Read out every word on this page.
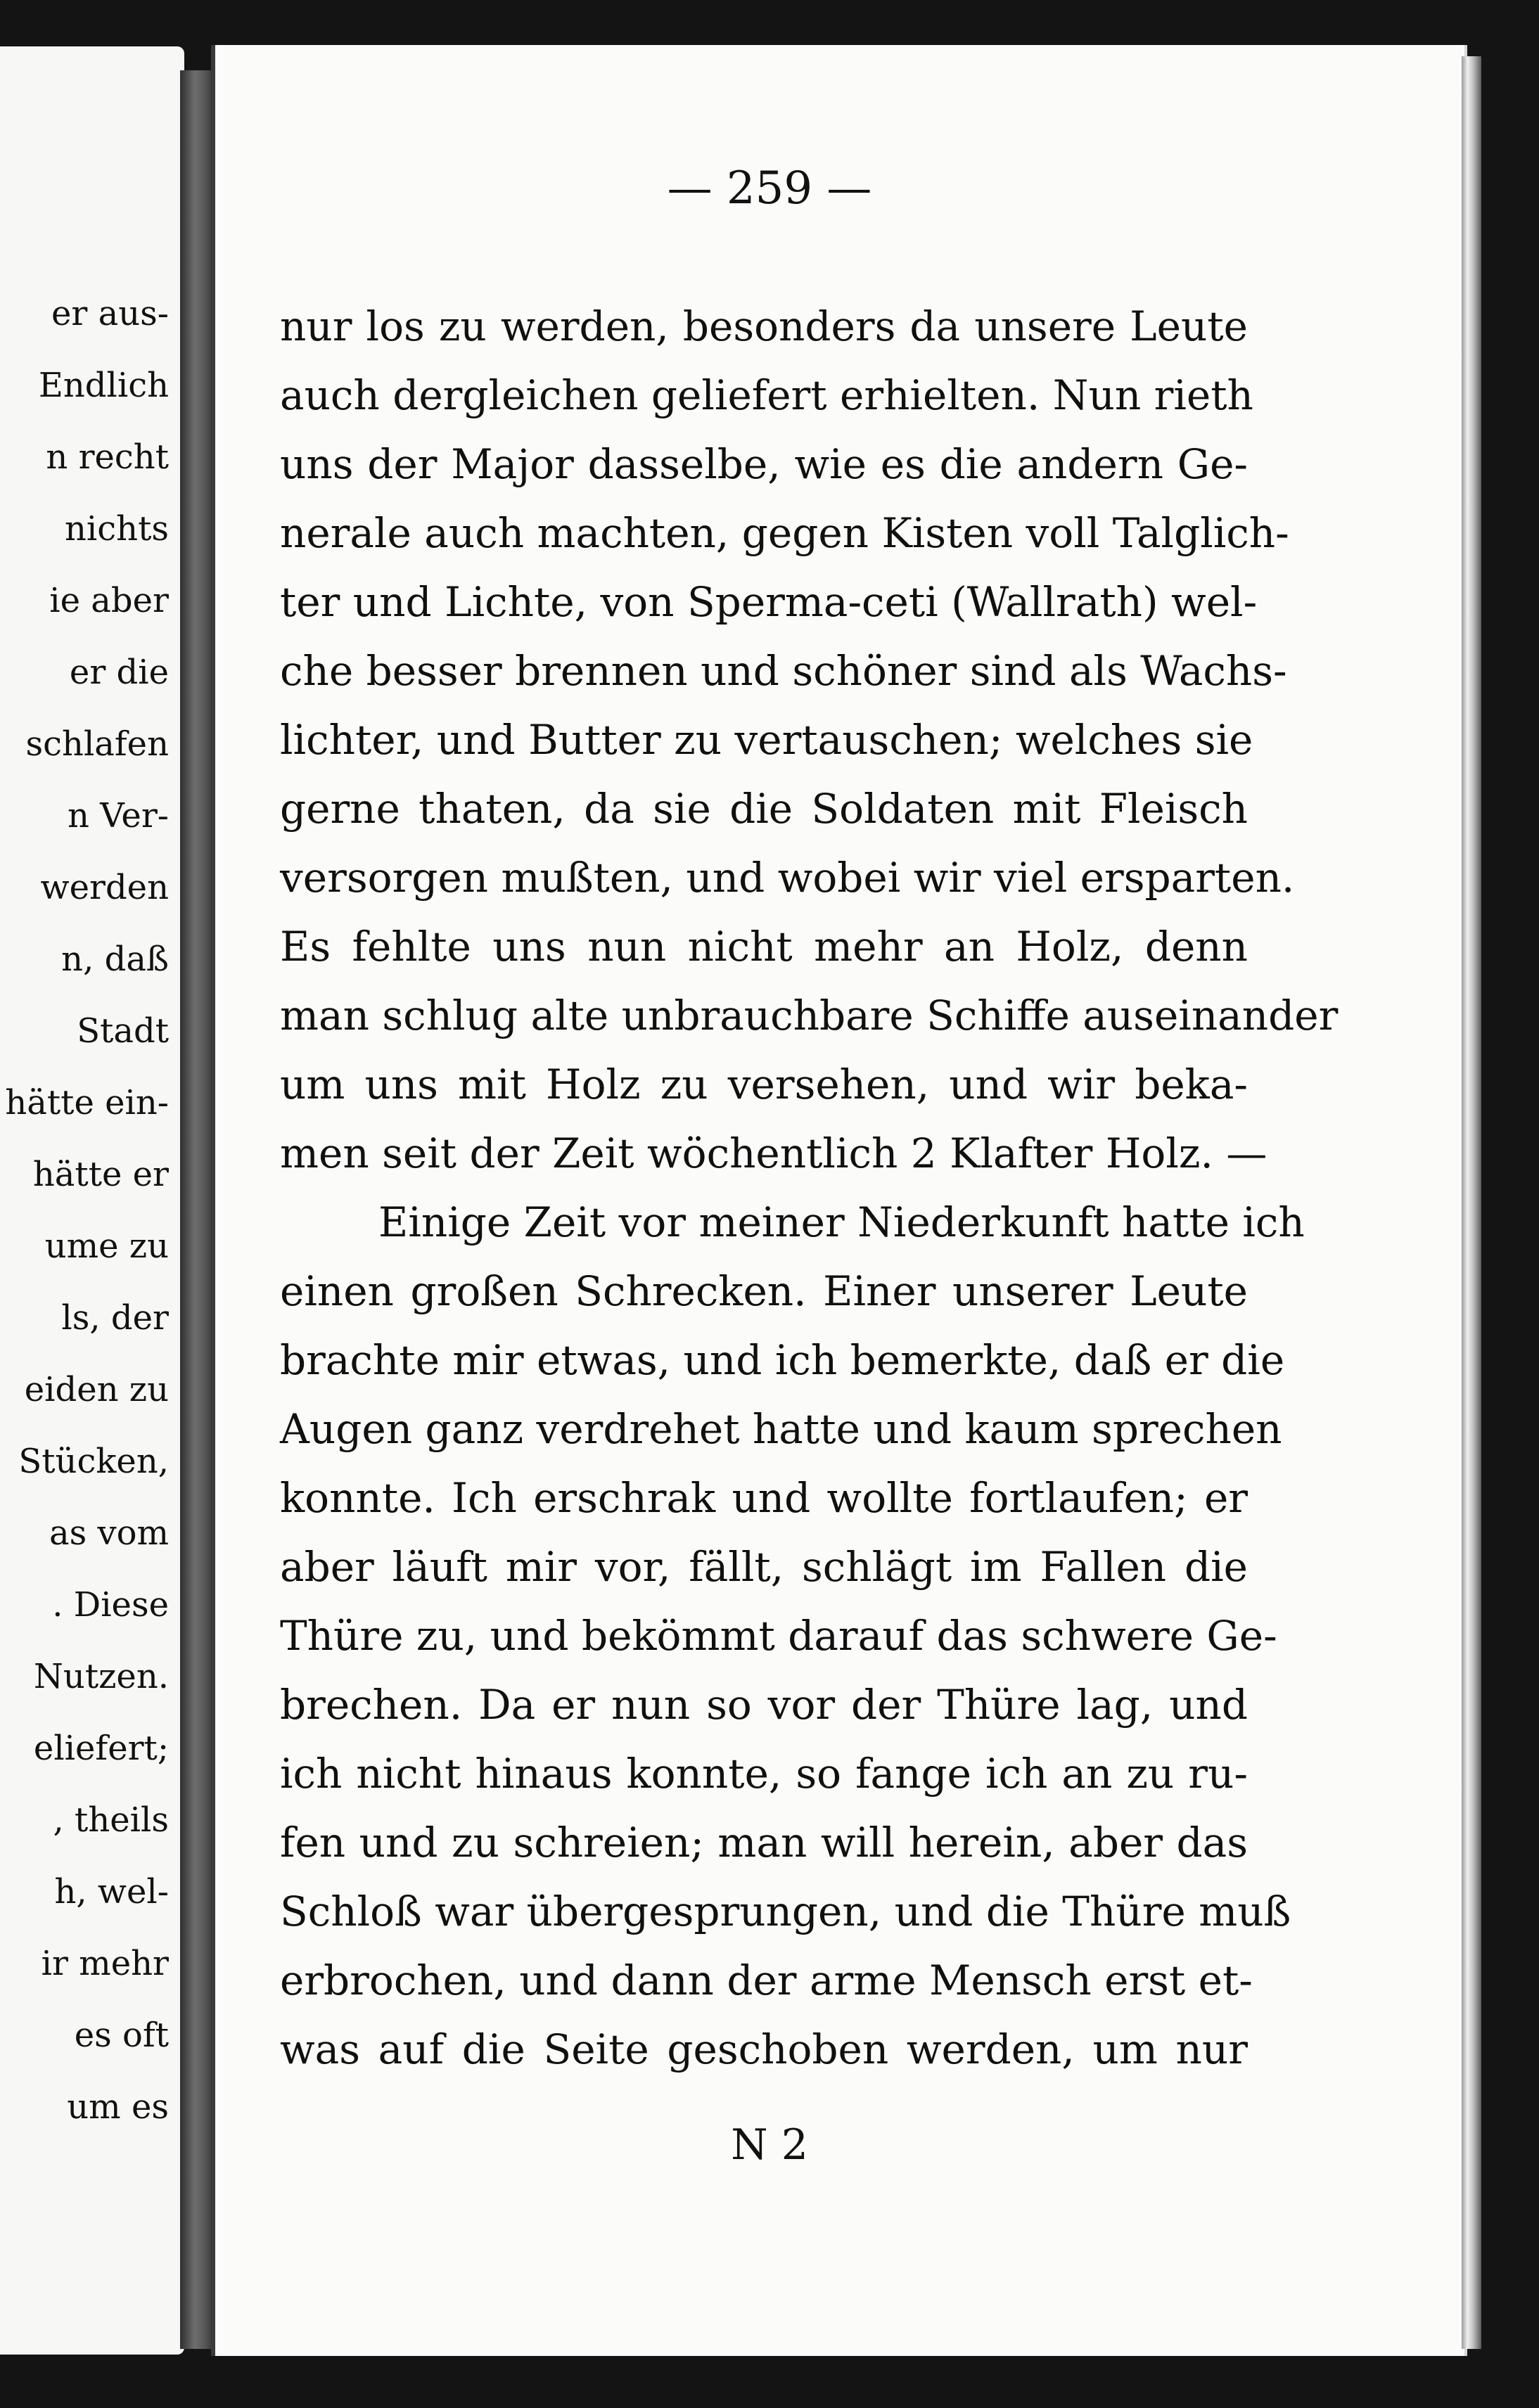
er aus-

Endlich

n recht

nichts

ie aber

er die

schlafen

n Ver-

werden

n, daß

Stadt

hätte ein-

hätte er

ume zu

ls, der

eiden zu

Stücken,

as vom

. Diese

Nutzen.

eliefert;

, theils

h, wel-

ir mehr

es oft

um es

— 259 —

nur los zu werden, besonders da unsere Leute

auch dergleichen geliefert erhielten. Nun rieth

uns der Major dasselbe, wie es die andern Ge-

nerale auch machten, gegen Kisten voll Talglich-

ter und Lichte, von Sperma-ceti (Wallrath) wel-

che besser brennen und schöner sind als Wachs-

lichter, und Butter zu vertauschen; welches sie

gerne thaten, da sie die Soldaten mit Fleisch

versorgen mußten, und wobei wir viel ersparten.

Es fehlte uns nun nicht mehr an Holz, denn

man schlug alte unbrauchbare Schiffe auseinander

um uns mit Holz zu versehen, und wir beka-

men seit der Zeit wöchentlich 2 Klafter Holz. —

Einige Zeit vor meiner Niederkunft hatte ich

einen großen Schrecken. Einer unserer Leute

brachte mir etwas, und ich bemerkte, daß er die

Augen ganz verdrehet hatte und kaum sprechen

konnte. Ich erschrak und wollte fortlaufen; er

aber läuft mir vor, fällt, schlägt im Fallen die

Thüre zu, und bekömmt darauf das schwere Ge-

brechen. Da er nun so vor der Thüre lag, und

ich nicht hinaus konnte, so fange ich an zu ru-

fen und zu schreien; man will herein, aber das

Schloß war übergesprungen, und die Thüre muß

erbrochen, und dann der arme Mensch erst et-

was auf die Seite geschoben werden, um nur

N 2
